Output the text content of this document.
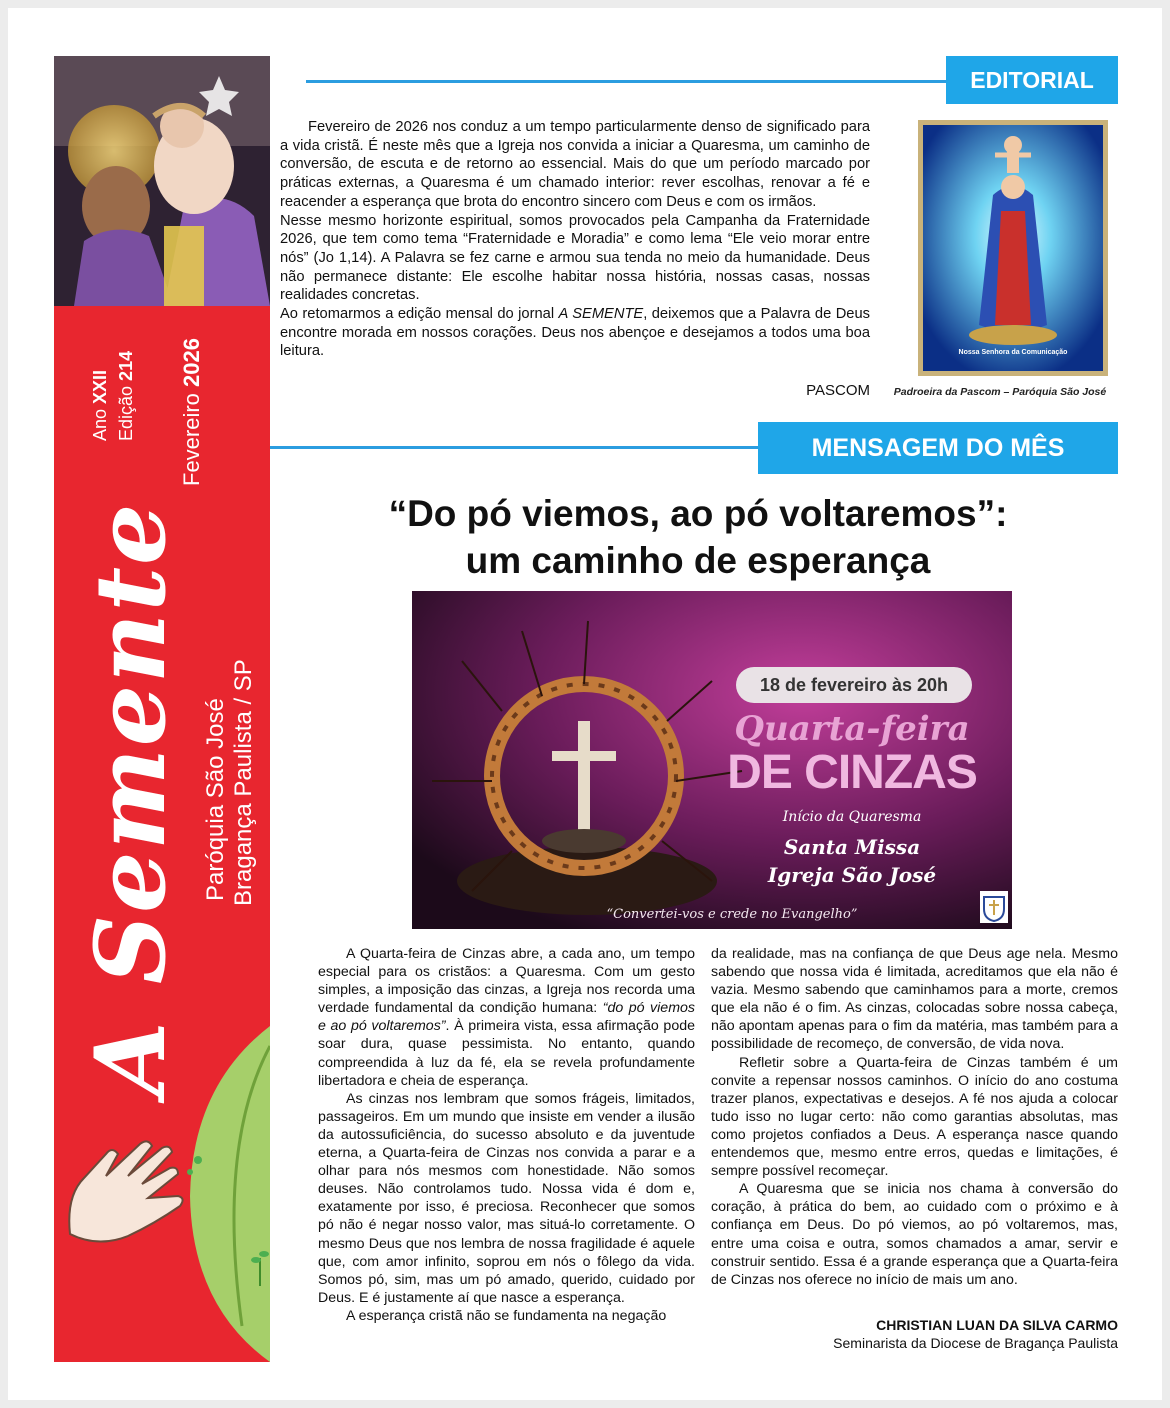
Ano XXII Edição 214
Fevereiro 2026
A Semente Paróquia São José Bragança Paulista / SP
EDITORIAL

Fevereiro de 2026 nos conduz a um tempo particularmente denso de significado para a vida cristã. É neste mês que a Igreja nos convida a iniciar a Quaresma, um caminho de conversão, de escuta e de retorno ao essencial. Mais do que um período marcado por práticas externas, a Quaresma é um chamado interior: rever escolhas, renovar a fé e reacender a esperança que brota do encontro sincero com Deus e com os irmãos.

Nesse mesmo horizonte espiritual, somos provocados pela Campanha da Fraternidade 2026, que tem como tema “Fraternidade e Moradia” e como lema “Ele veio morar entre nós” (Jo 1,14). A Palavra se fez carne e armou sua tenda no meio da humanidade. Deus não permanece distante: Ele escolhe habitar nossa história, nossas casas, nossas realidades concretas.

Ao retomarmos a edição mensal do jornal A SEMENTE, deixemos que a Palavra de Deus encontre morada em nossos corações. Deus nos abençoe e desejamos a todos uma boa leitura.

PASCOM
Nossa Senhora da Comunicação
Padroeira da Pascom – Paróquia São José
MENSAGEM DO MÊS
“Do pó viemos, ao pó voltaremos”:
um caminho de esperança
18 de fevereiro às 20h
Quarta-feira
DE CINZAS
Início da Quaresma
Santa Missa
Igreja São José
“Convertei-vos e crede no Evangelho”

A Quarta-feira de Cinzas abre, a cada ano, um tempo especial para os cristãos: a Quaresma. Com um gesto simples, a imposição das cinzas, a Igreja nos recorda uma verdade fundamental da condição humana: “do pó viemos e ao pó voltaremos”. À primeira vista, essa afirmação pode soar dura, quase pessimista. No entanto, quando compreendida à luz da fé, ela se revela profundamente libertadora e cheia de esperança.

As cinzas nos lembram que somos frágeis, limitados, passageiros. Em um mundo que insiste em vender a ilusão da autossuficiência, do sucesso absoluto e da juventude eterna, a Quarta-feira de Cinzas nos convida a parar e a olhar para nós mesmos com honestidade. Não somos deuses. Não controlamos tudo. Nossa vida é dom e, exatamente por isso, é preciosa. Reconhecer que somos pó não é negar nosso valor, mas situá-lo corretamente. O mesmo Deus que nos lembra de nossa fragilidade é aquele que, com amor infinito, soprou em nós o fôlego da vida. Somos pó, sim, mas um pó amado, querido, cuidado por Deus. E é justamente aí que nasce a esperança.

A esperança cristã não se fundamenta na negação

da realidade, mas na confiança de que Deus age nela. Mesmo sabendo que nossa vida é limitada, acreditamos que ela não é vazia. Mesmo sabendo que caminhamos para a morte, cremos que ela não é o fim. As cinzas, colocadas sobre nossa cabeça, não apontam apenas para o fim da matéria, mas também para a possibilidade de recomeço, de conversão, de vida nova.

Refletir sobre a Quarta-feira de Cinzas também é um convite a repensar nossos caminhos. O início do ano costuma trazer planos, expectativas e desejos. A fé nos ajuda a colocar tudo isso no lugar certo: não como garantias absolutas, mas como projetos confiados a Deus. A esperança nasce quando entendemos que, mesmo entre erros, quedas e limitações, é sempre possível recomeçar.

A Quaresma que se inicia nos chama à conversão do coração, à prática do bem, ao cuidado com o próximo e à confiança em Deus. Do pó viemos, ao pó voltaremos, mas, entre uma coisa e outra, somos chamados a amar, servir e construir sentido. Essa é a grande esperança que a Quarta-feira de Cinzas nos oferece no início de mais um ano.

CHRISTIAN LUAN DA SILVA CARMO
Seminarista da Diocese de Bragança Paulista
